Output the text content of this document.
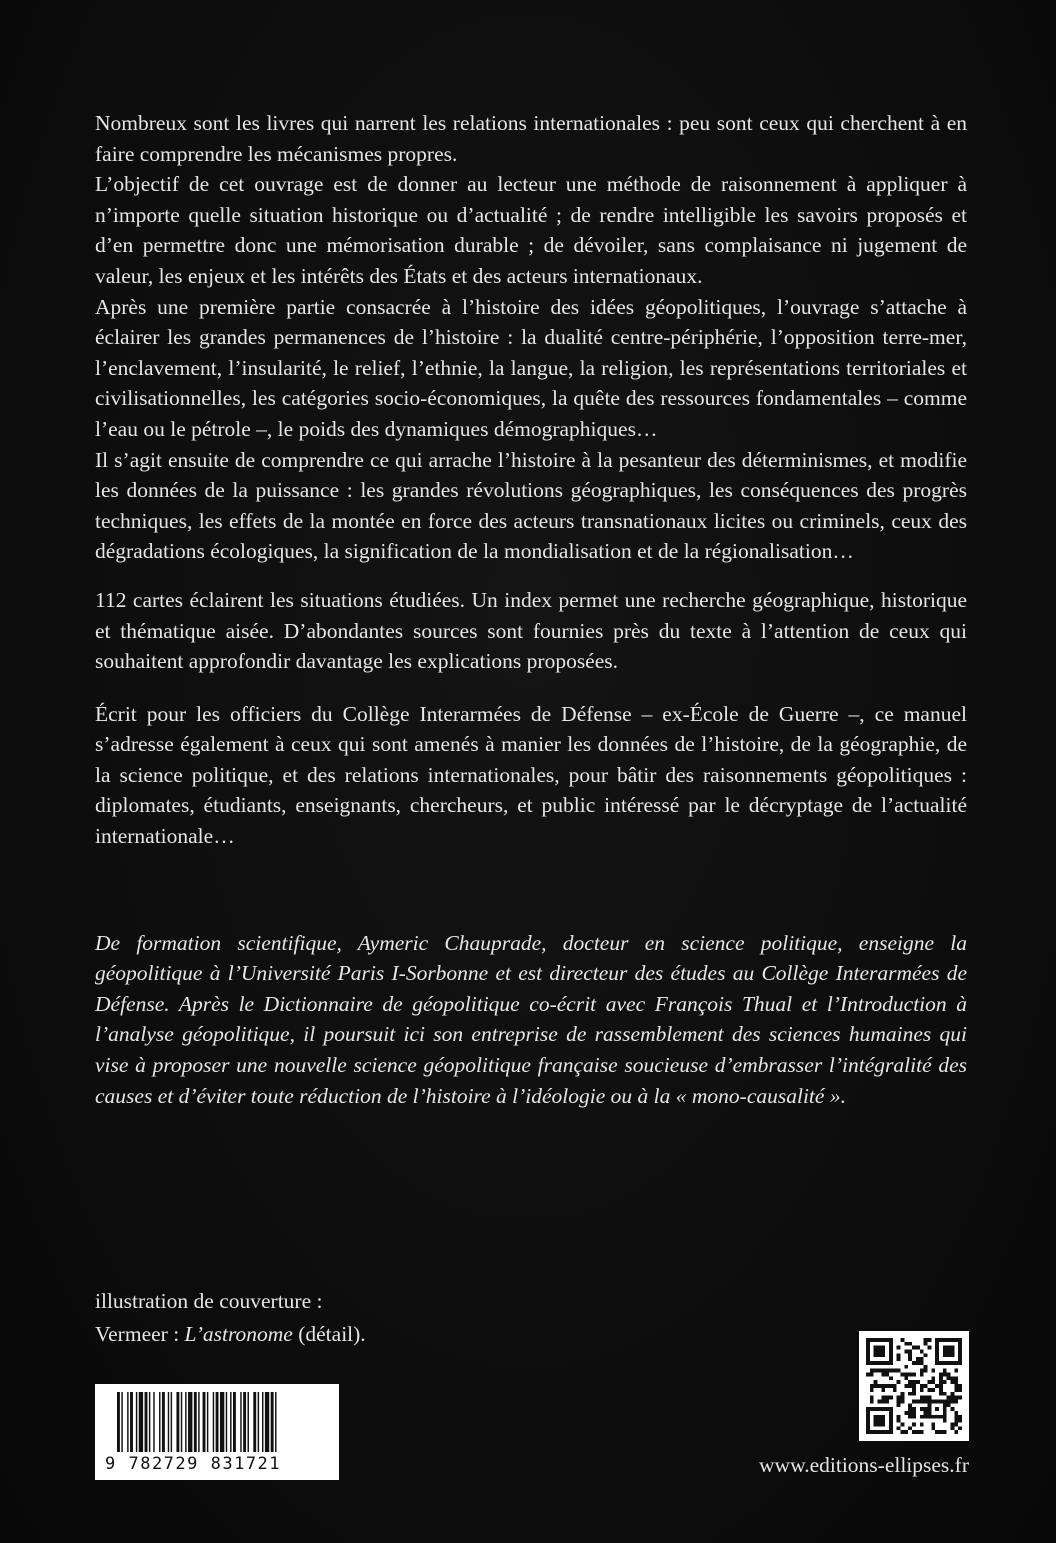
Nombreux sont les livres qui narrent les relations internationales : peu sont ceux qui cherchent à en faire comprendre les mécanismes propres.

L’objectif de cet ouvrage est de donner au lecteur une méthode de raisonnement à appliquer à n’importe quelle situation historique ou d’actualité ; de rendre intelligible les savoirs proposés et d’en permettre donc une mémorisation durable ; de dévoiler, sans complaisance ni jugement de valeur, les enjeux et les intérêts des États et des acteurs internationaux.

Après une première partie consacrée à l’histoire des idées géopolitiques, l’ouvrage s’attache à éclairer les grandes permanences de l’histoire : la dualité centre-périphérie, l’opposition terre-mer, l’enclavement, l’insularité, le relief, l’ethnie, la langue, la religion, les représentations territoriales et civilisationnelles, les catégories socio-économiques, la quête des ressources fondamentales – comme l’eau ou le pétrole –, le poids des dynamiques démographiques…

Il s’agit ensuite de comprendre ce qui arrache l’histoire à la pesanteur des déterminismes, et modifie les données de la puissance : les grandes révolutions géographiques, les conséquences des progrès techniques, les effets de la montée en force des acteurs transnationaux licites ou criminels, ceux des dégradations écologiques, la signification de la mondialisation et de la régionalisation…

112 cartes éclairent les situations étudiées. Un index permet une recherche géographique, historique et thématique aisée. D’abondantes sources sont fournies près du texte à l’attention de ceux qui souhaitent approfondir davantage les explications proposées.

Écrit pour les officiers du Collège Interarmées de Défense – ex-École de Guerre –, ce manuel s’adresse également à ceux qui sont amenés à manier les données de l’histoire, de la géographie, de la science politique, et des relations internationales, pour bâtir des raisonnements géopolitiques : diplomates, étudiants, enseignants, chercheurs, et public intéressé par le décryptage de l’actualité internationale…

De formation scientifique, Aymeric Chauprade, docteur en science politique, enseigne la géopolitique à l’Université Paris I-Sorbonne et est directeur des études au Collège Interarmées de Défense. Après le Dictionnaire de géopolitique co-écrit avec François Thual et l’Introduction à l’analyse géopolitique, il poursuit ici son entreprise de rassemblement des sciences humaines qui vise à proposer une nouvelle science géopolitique française soucieuse d’embrasser l’intégralité des causes et d’éviter toute réduction de l’histoire à l’idéologie ou à la « mono-causalité ».

illustration de couverture :
Vermeer : L’astronome (détail).
9 782729 831721	www.editions-ellipses.fr
